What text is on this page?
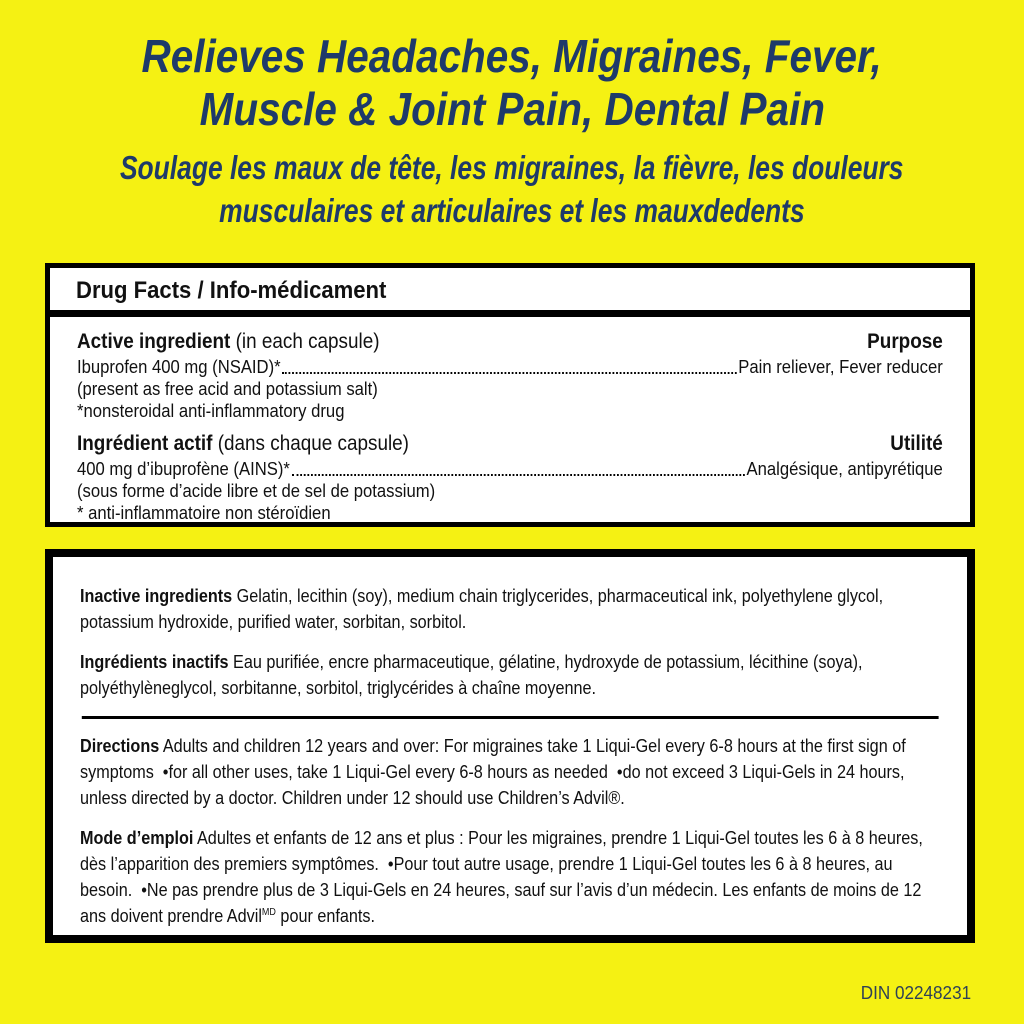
Relieves Headaches, Migraines, Fever,
Muscle & Joint Pain, Dental Pain
Soulage les maux de tête, les migraines, la fièvre, les douleurs
musculaires et articulaires et les mauxdedents
Drug Facts / Info-médicament
Active ingredient (in each capsule)	Purpose
Ibuprofen 400 mg (NSAID)*	Pain reliever, Fever reducer
(present as free acid and potassium salt)
*nonsteroidal anti-inflammatory drug
Ingrédient actif (dans chaque capsule)	Utilité
400 mg d’ibuprofène (AINS)*	Analgésique, antipyrétique
(sous forme d’acide libre et de sel de potassium)
* anti-inflammatoire non stéroïdien

Inactive ingredients Gelatin, lecithin (soy), medium chain triglycerides, pharmaceutical ink, polyethylene glycol, potassium hydroxide, purified water, sorbitan, sorbitol.

Ingrédients inactifs Eau purifiée, encre pharmaceutique, gélatine, hydroxyde de potassium, lécithine (soya), polyéthylèneglycol, sorbitanne, sorbitol, triglycérides à chaîne moyenne.

Directions Adults and children 12 years and over: For migraines take 1 Liqui-Gel every 6-8 hours at the first sign of symptoms  •for all other uses, take 1 Liqui-Gel every 6-8 hours as needed  •do not exceed 3 Liqui-Gels in 24 hours, unless directed by a doctor. Children under 12 should use Children’s Advil®.

Mode d’emploi Adultes et enfants de 12 ans et plus : Pour les migraines, prendre 1 Liqui-Gel toutes les 6 à 8 heures, dès l’apparition des premiers symptômes.  •Pour tout autre usage, prendre 1 Liqui-Gel toutes les 6 à 8 heures, au besoin.  •Ne pas prendre plus de 3 Liqui-Gels en 24 heures, sauf sur l’avis d’un médecin. Les enfants de moins de 12 ans doivent prendre Advil$^{MD}$ pour enfants.

DIN 02248231
